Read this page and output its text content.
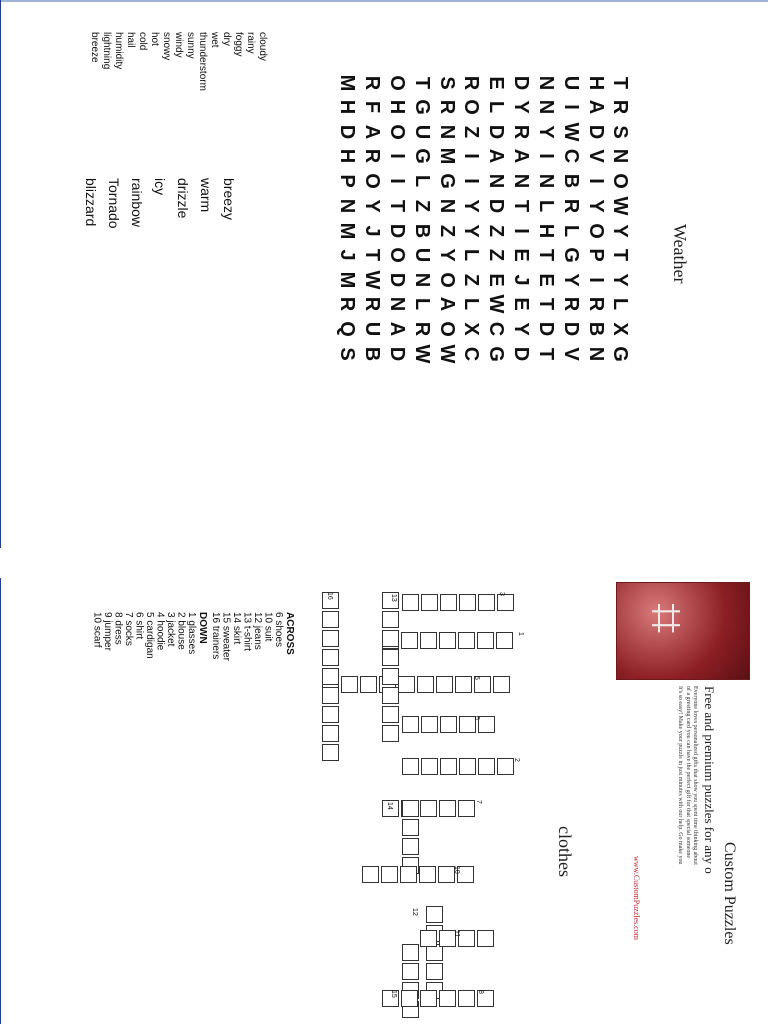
Weather
T
R
S
N
O
W
Y
T
Y
L
X
G
H
A
D
V
I
Y
O
P
I
R
B
N
U
I
W
C
B
R
L
G
Y
R
D
V
N
N
Y
I
N
L
H
T
E
T
D
T
D
Y
R
A
N
T
I
E
J
E
Y
D
E
L
D
A
N
D
Z
Z
E
W
C
G
R
O
Z
I
I
Y
Y
L
Z
L
X
C
S
R
N
M
G
N
Z
Y
O
A
O
W
T
G
U
G
L
Z
B
U
N
L
R
W
O
H
O
I
I
T
D
O
D
N
A
D
R
F
A
R
O
Y
J
T
W
R
U
B
M
H
D
H
P
N
M
J
M
R
Q
S
cloudy
rainy
foggy
dry
wet
thunderstorm
sunny
windy
snowy
hot
cold
hail
humidity
lightning
breeze
breezy
warm
drizzle
icy
rainbow
Tornado
blizzard
⌗
Custom Puzzles
Free and premium puzzles for any o
Everyone loves personalized gifts that show you spent time thinking about
of a greeting card you can have the perfect gift for that special someone
It's so easy! Make your puzzle in just minutes with our help. Go make you
www.CustomPuzzles.com
clothes
3
1
5
6
2
7
14
10
12
11
8
15
13
16
ACROSS
6 shoes
10 suit
12 jeans
13 t-shirt
14 skirt
15 sweater
16 trainers
DOWN
1 glasses
2 blouse
3 jacket
4 hoodie
5 cardigan
6 shirt
7 socks
8 dress
9 jumper
10 scarf
